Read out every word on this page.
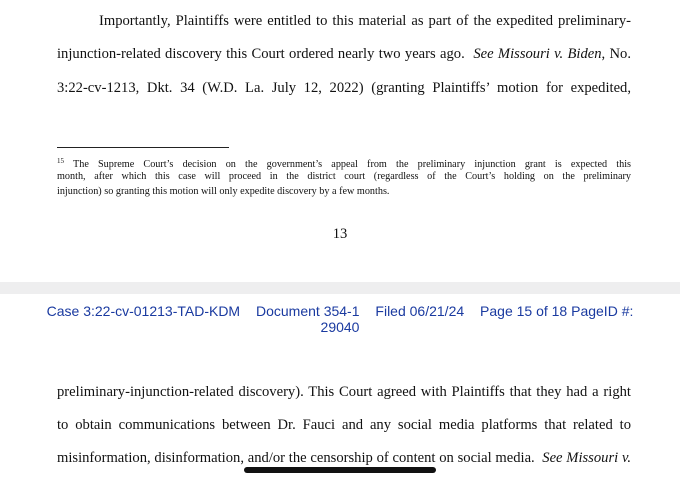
Importantly, Plaintiffs were entitled to this material as part of the expedited preliminary-
injunction-related discovery this Court ordered nearly two years ago. See Missouri v. Biden, No.
3:22-cv-1213, Dkt. 34 (W.D. La. July 12, 2022) (granting Plaintiffs’ motion for expedited,
$^{15}$ The Supreme Court’s decision on the government’s appeal from the preliminary injunction grant is expected this
month, after which this case will proceed in the district court (regardless of the Court’s holding on the preliminary
injunction) so granting this motion will only expedite discovery by a few months.
13
Case 3:22-cv-01213-TAD-KDM Document 354-1 Filed 06/21/24 Page 15 of 18 PageID #:
29040
preliminary-injunction-related discovery). This Court agreed with Plaintiffs that they had a right
to obtain communications between Dr. Fauci and any social media platforms that related to
misinformation, disinformation, and/or the censorship of content on social media. See Missouri v.
